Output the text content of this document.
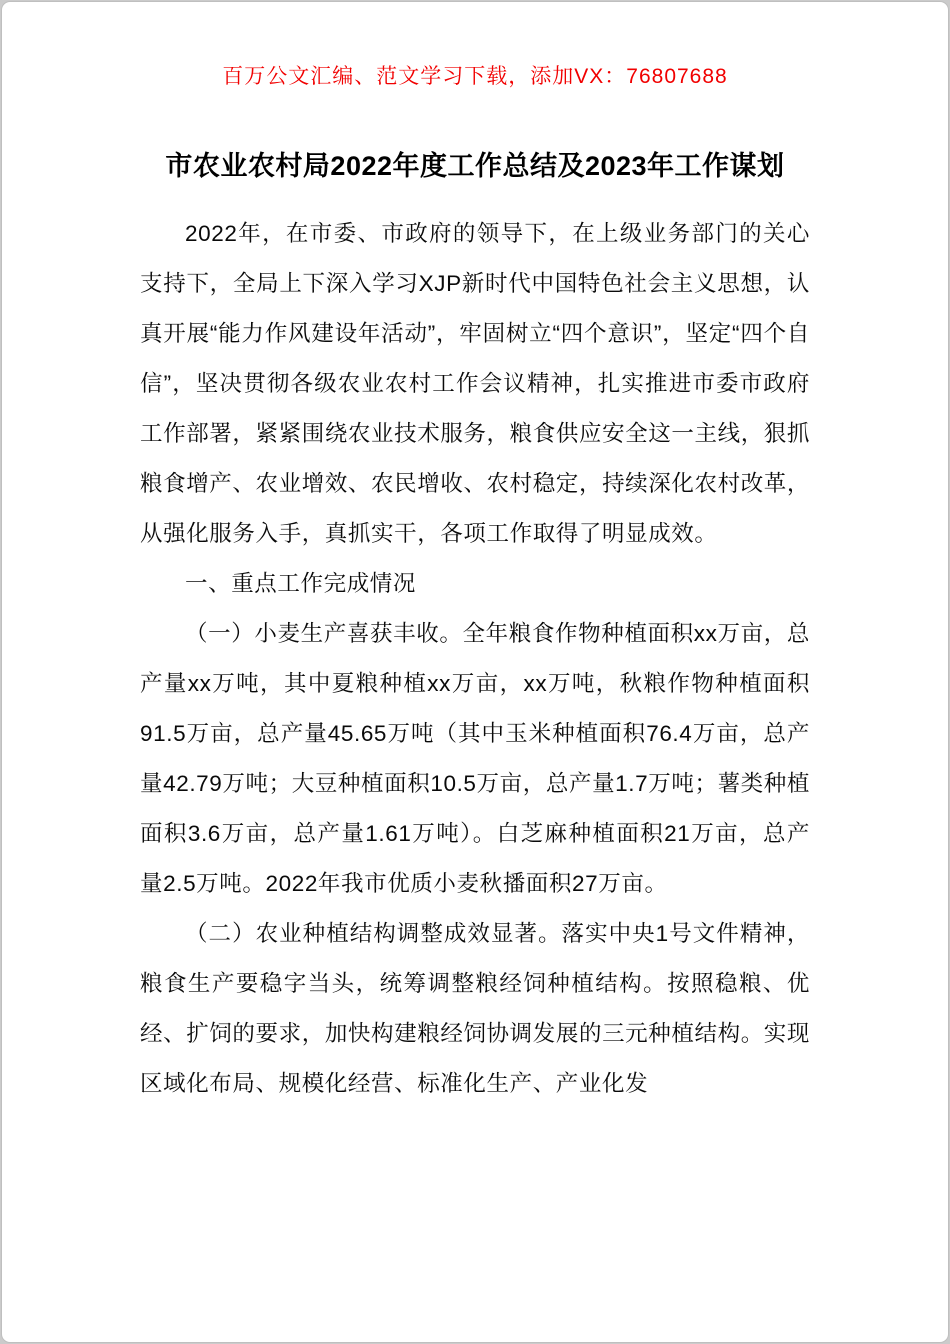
百万公文汇编、范文学习下载，添加VX：76807688
市农业农村局2022年度工作总结及2023年工作谋划

2022年，在市委、市政府的领导下，在上级业务部门的关心支持下，全局上下深入学习XJP新时代中国特色社会主义思想，认真开展“能力作风建设年活动”，牢固树立“四个意识”，坚定“四个自信”，坚决贯彻各级农业农村工作会议精神，扎实推进市委市政府工作部署，紧紧围绕农业技术服务，粮食供应安全这一主线，狠抓粮食增产、农业增效、农民增收、农村稳定，持续深化农村改革，从强化服务入手，真抓实干，各项工作取得了明显成效。

一、重点工作完成情况

（一）小麦生产喜获丰收。全年粮食作物种植面积xx万亩，总产量xx万吨，其中夏粮种植xx万亩，xx万吨，秋粮作物种植面积91.5万亩，总产量45.65万吨（其中玉米种植面积76.4万亩，总产量42.79万吨；大豆种植面积10.5万亩，总产量1.7万吨；薯类种植面积3.6万亩，总产量1.61万吨）。白芝麻种植面积21万亩，总产量2.5万吨。2022年我市优质小麦秋播面积27万亩。

（二）农业种植结构调整成效显著。落实中央1号文件精神，粮食生产要稳字当头，统筹调整粮经饲种植结构。按照稳粮、优经、扩饲的要求，加快构建粮经饲协调发展的三元种植结构。实现区域化布局、规模化经营、标准化生产、产业化发
